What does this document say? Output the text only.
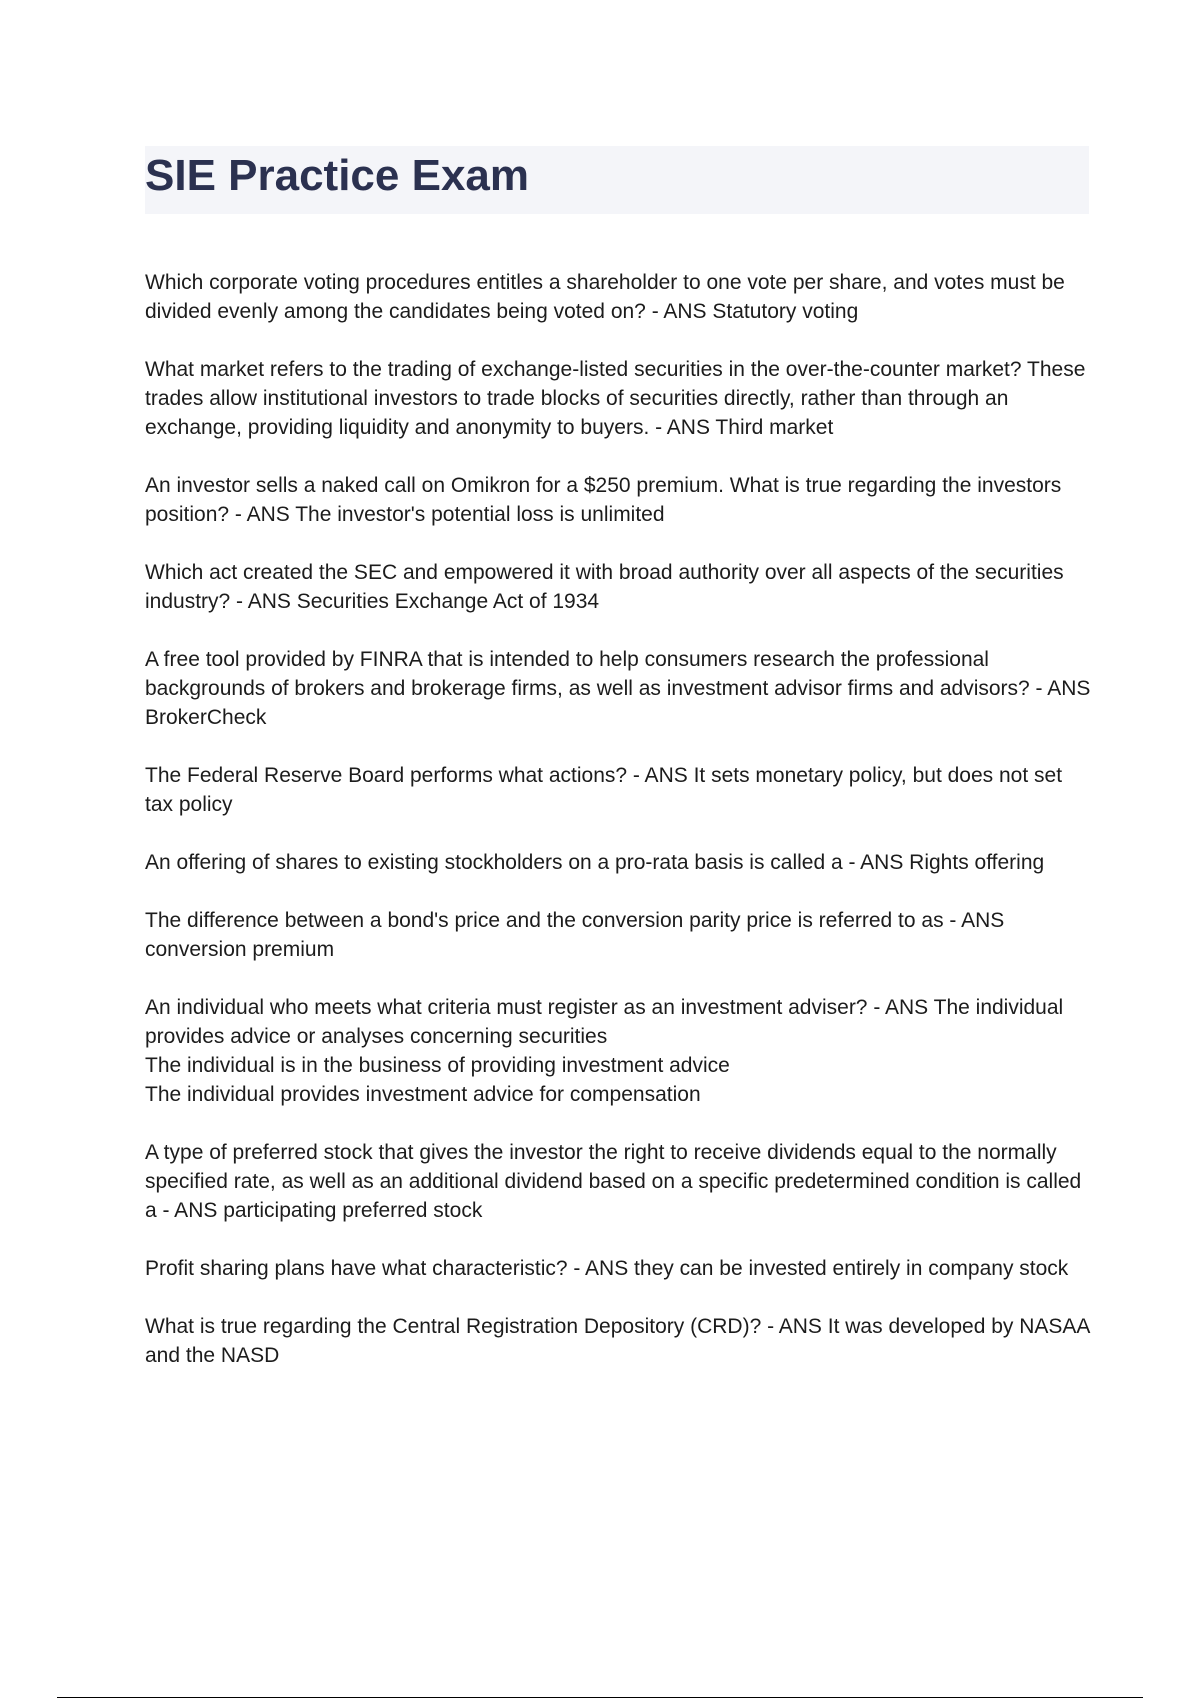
SIE Practice Exam

Which corporate voting procedures entitles a shareholder to one vote per share, and votes must be divided evenly among the candidates being voted on? - ANS Statutory voting

What market refers to the trading of exchange-listed securities in the over-the-counter market? These trades allow institutional investors to trade blocks of securities directly, rather than through an exchange, providing liquidity and anonymity to buyers. - ANS Third market

An investor sells a naked call on Omikron for a $250 premium. What is true regarding the investors position? - ANS The investor's potential loss is unlimited

Which act created the SEC and empowered it with broad authority over all aspects of the securities industry? - ANS Securities Exchange Act of 1934

A free tool provided by FINRA that is intended to help consumers research the professional backgrounds of brokers and brokerage firms, as well as investment advisor firms and advisors? - ANS BrokerCheck

The Federal Reserve Board performs what actions? - ANS It sets monetary policy, but does not set tax policy

An offering of shares to existing stockholders on a pro-rata basis is called a - ANS Rights offering

The difference between a bond's price and the conversion parity price is referred to as - ANS conversion premium

An individual who meets what criteria must register as an investment adviser? - ANS The individual provides advice or analyses concerning securities
The individual is in the business of providing investment advice
The individual provides investment advice for compensation

A type of preferred stock that gives the investor the right to receive dividends equal to the normally specified rate, as well as an additional dividend based on a specific predetermined condition is called a - ANS participating preferred stock

Profit sharing plans have what characteristic? - ANS they can be invested entirely in company stock

What is true regarding the Central Registration Depository (CRD)? - ANS It was developed by NASAA and the NASD
